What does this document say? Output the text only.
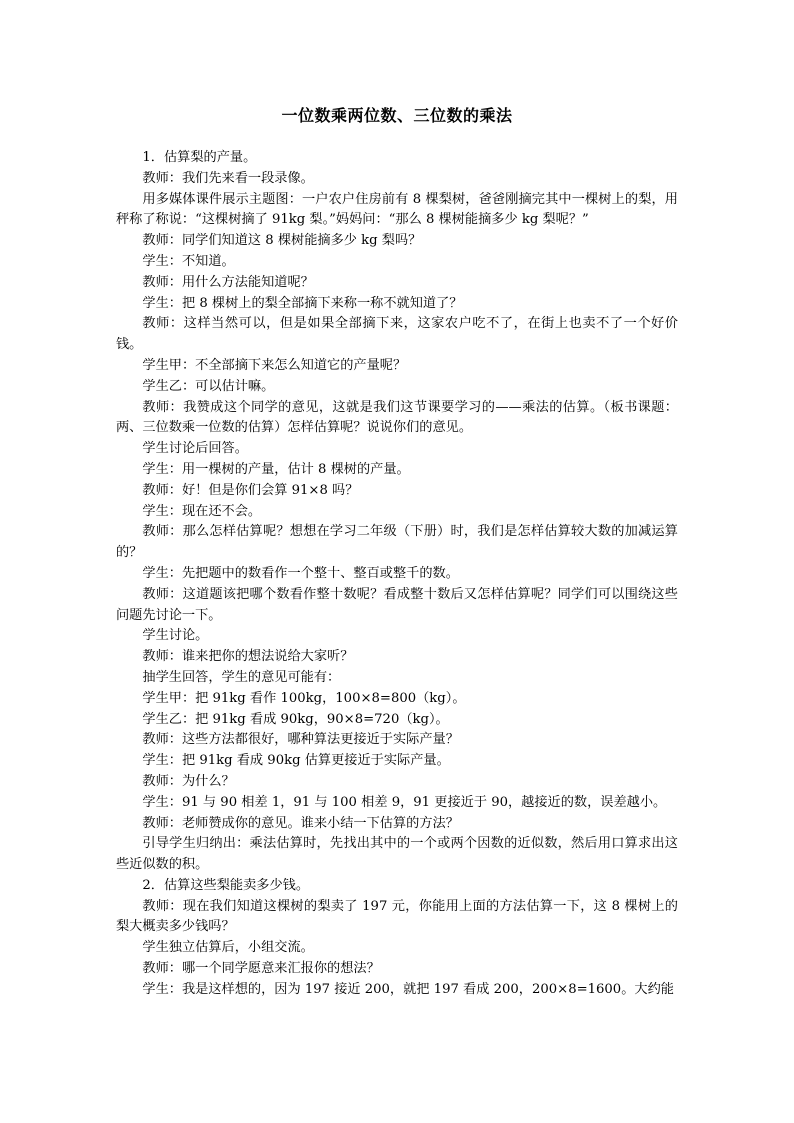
一位数乘两位数、三位数的乘法

1．估算梨的产量。

教师：我们先来看一段录像。

用多媒体课件展示主题图：一户农户住房前有 8 棵梨树，爸爸刚摘完其中一棵树上的梨，用秤称了称说：“这棵树摘了 91kg 梨。”妈妈问：“那么 8 棵树能摘多少 kg 梨呢？”

教师：同学们知道这 8 棵树能摘多少 kg 梨吗？

学生：不知道。

教师：用什么方法能知道呢？

学生：把 8 棵树上的梨全部摘下来称一称不就知道了？

教师：这样当然可以，但是如果全部摘下来，这家农户吃不了，在街上也卖不了一个好价钱。

学生甲：不全部摘下来怎么知道它的产量呢？

学生乙：可以估计嘛。

教师：我赞成这个同学的意见，这就是我们这节课要学习的——乘法的估算。（板书课题：两、三位数乘一位数的估算）怎样估算呢？说说你们的意见。

学生讨论后回答。

学生：用一棵树的产量，估计 8 棵树的产量。

教师：好！但是你们会算 91×8 吗？

学生：现在还不会。

教师：那么怎样估算呢？想想在学习二年级（下册）时，我们是怎样估算较大数的加减运算的？

学生：先把题中的数看作一个整十、整百或整千的数。

教师：这道题该把哪个数看作整十数呢？看成整十数后又怎样估算呢？同学们可以围绕这些问题先讨论一下。

学生讨论。

教师：谁来把你的想法说给大家听？

抽学生回答，学生的意见可能有：

学生甲：把 91kg 看作 100kg，100×8=800（kg）。

学生乙：把 91kg 看成 90kg，90×8=720（kg）。

教师：这些方法都很好，哪种算法更接近于实际产量？

学生：把 91kg 看成 90kg 估算更接近于实际产量。

教师：为什么？

学生：91 与 90 相差 1，91 与 100 相差 9，91 更接近于 90，越接近的数，误差越小。

教师：老师赞成你的意见。谁来小结一下估算的方法？

引导学生归纳出：乘法估算时，先找出其中的一个或两个因数的近似数，然后用口算求出这些近似数的积。

2．估算这些梨能卖多少钱。

教师：现在我们知道这棵树的梨卖了 197 元，你能用上面的方法估算一下，这 8 棵树上的梨大概卖多少钱吗？

学生独立估算后，小组交流。

教师：哪一个同学愿意来汇报你的想法？

学生：我是这样想的，因为 197 接近 200，就把 197 看成 200，200×8=1600。大约能
